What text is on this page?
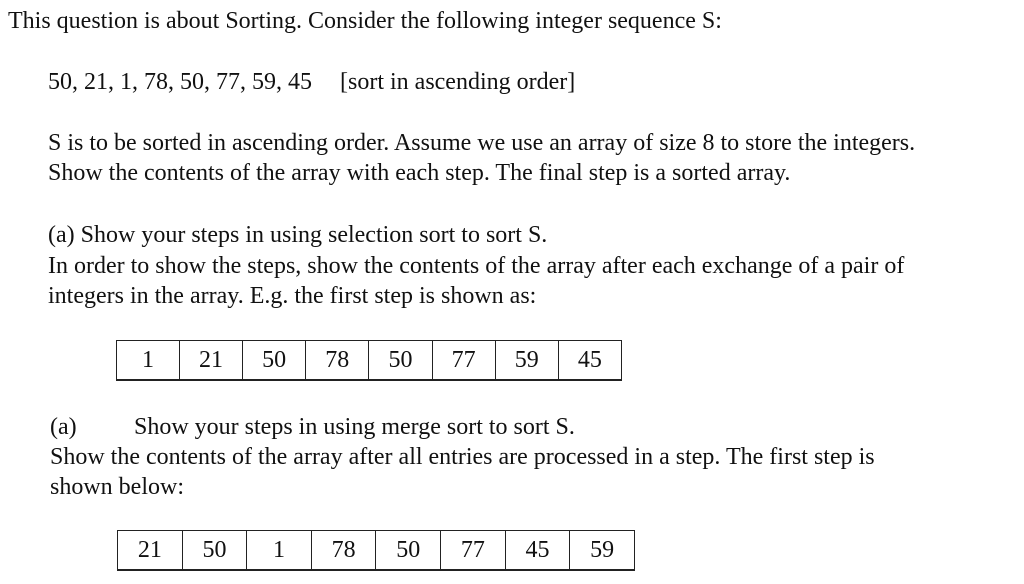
This question is about Sorting. Consider the following integer sequence S:
50, 21, 1, 78, 50, 77, 59, 45 [sort in ascending order]
S is to be sorted in ascending order. Assume we use an array of size 8 to store the integers.
Show the contents of the array with each step. The final step is a sorted array.
(a) Show your steps in using selection sort to sort S.
In order to show the steps, show the contents of the array after each exchange of a pair of
integers in the array. E.g. the first step is shown as:
1	21	50	78	50	77	59	45
(a) Show your steps in using merge sort to sort S.
Show the contents of the array after all entries are processed in a step. The first step is
shown below:
21	50	1	78	50	77	45	59
